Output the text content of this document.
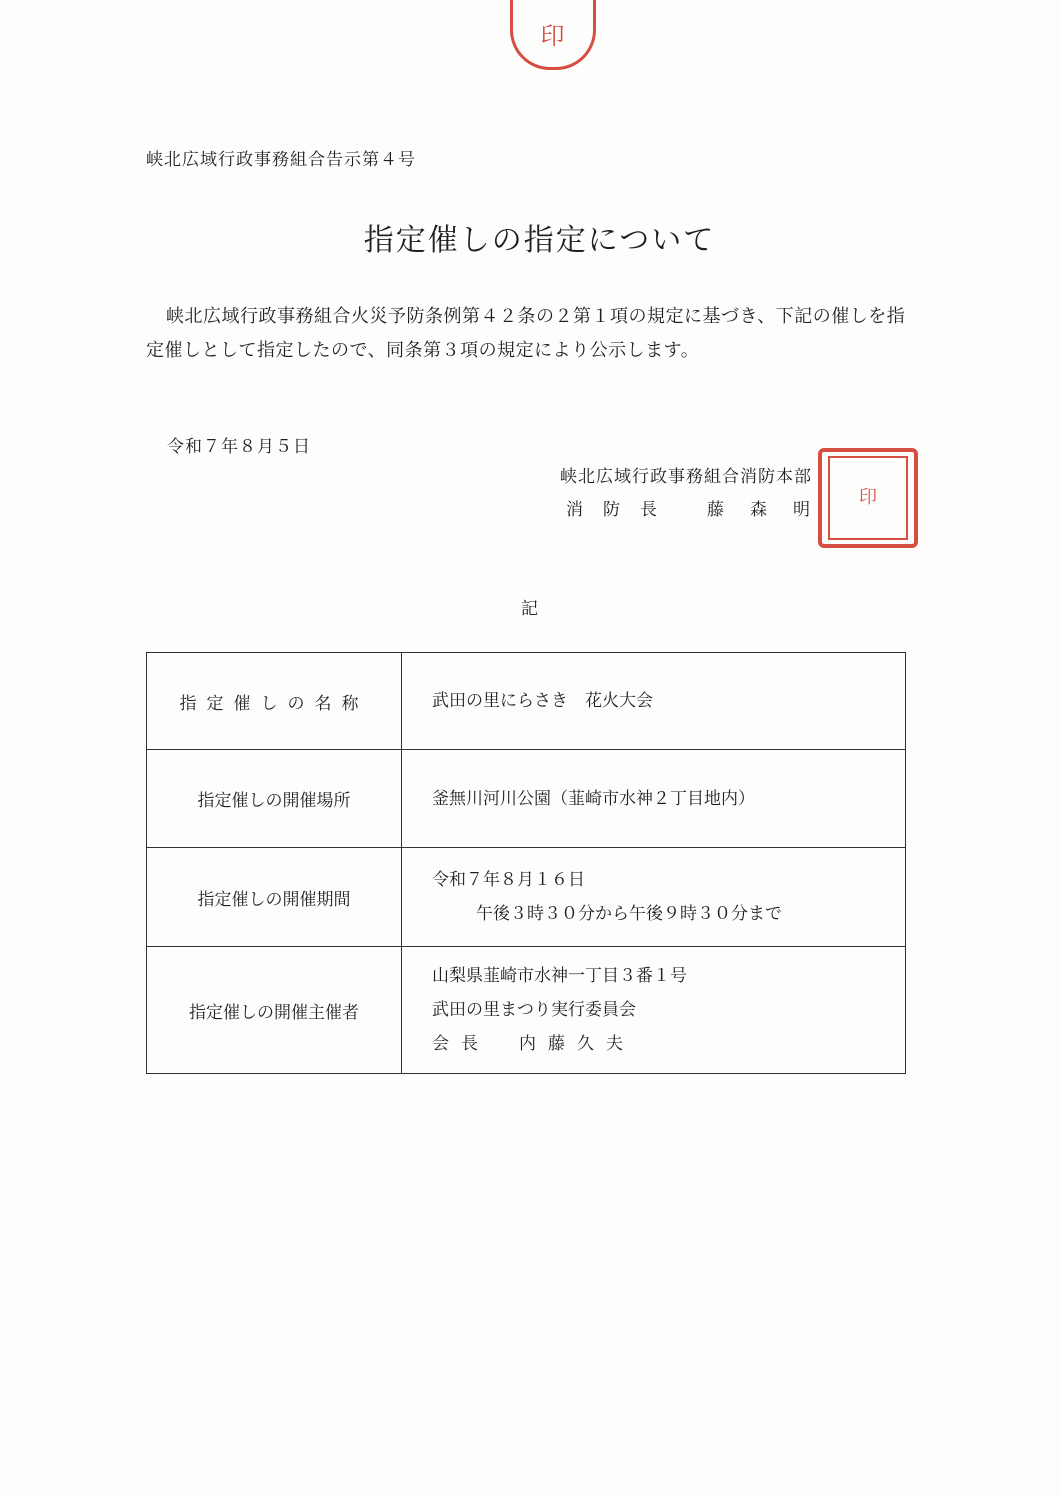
印
峡北広域行政事務組合告示第４号
指定催しの指定について
峡北広域行政事務組合火災予防条例第４２条の２第１項の規定に基づき、下記の催しを指定催しとして指定したので、同条第３項の規定により公示します。
令和７年８月５日
峡北広域行政事務組合消防本部
消防長 藤森明
印
記
指定催しの名称	武田の里にらさき　花火大会

指定催しの開催場所	釜無川河川公園（韮崎市水神２丁目地内）

指定催しの開催期間	令和７年８月１６日
午後３時３０分から午後９時３０分まで

指定催しの開催主催者	山梨県韮崎市水神一丁目３番１号
武田の里まつり実行委員会
会長　内藤久夫
